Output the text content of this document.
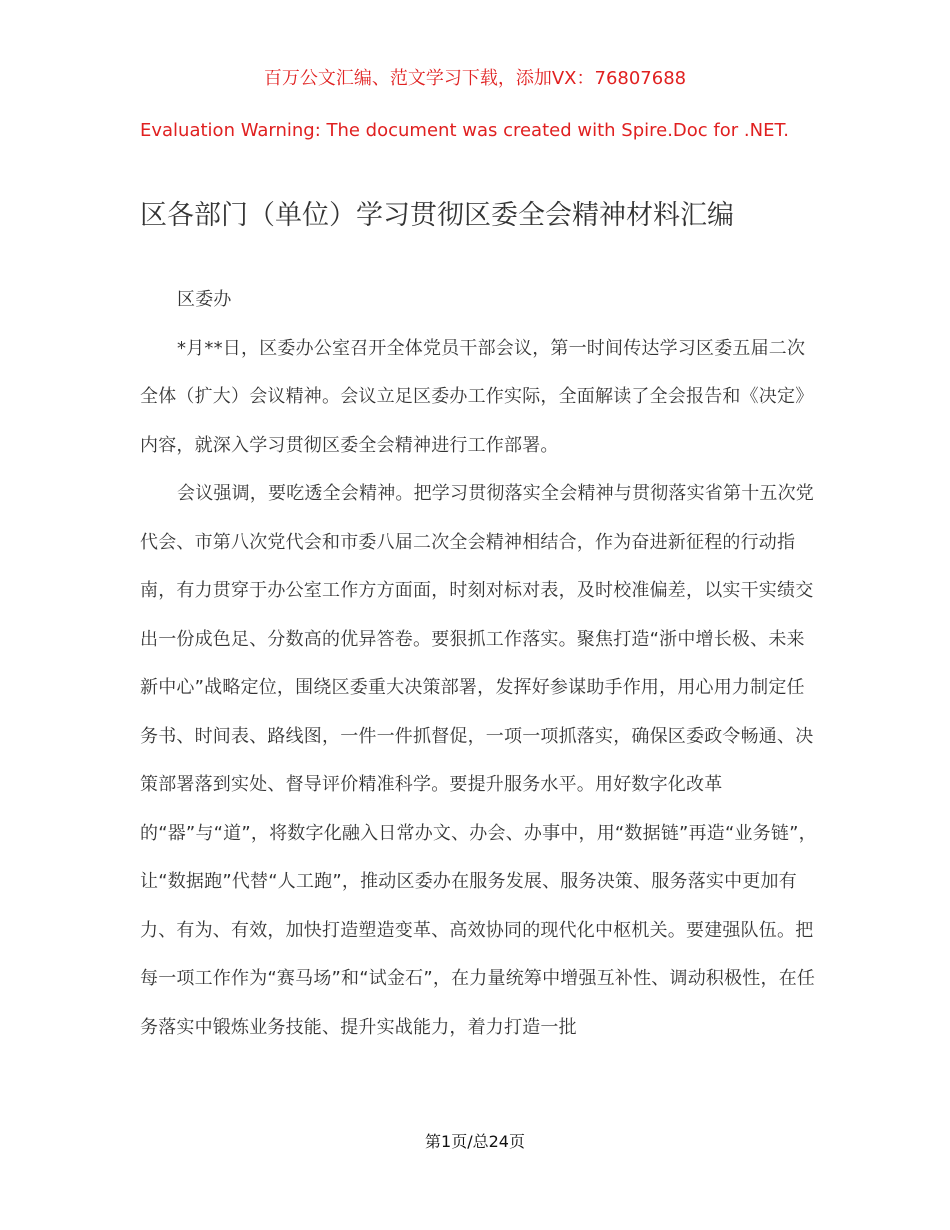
百万公文汇编、范文学习下载，添加VX：76807688
Evaluation Warning: The document was created with Spire.Doc for .NET.
区各部门（单位）学习贯彻区委全会精神材料汇编

区委办

*月**日，区委办公室召开全体党员干部会议，第一时间传达学习区委五届二次全体（扩大）会议精神。会议立足区委办工作实际，全面解读了全会报告和《决定》内容，就深入学习贯彻区委全会精神进行工作部署。

会议强调，要吃透全会精神。把学习贯彻落实全会精神与贯彻落实省第十五次党代会、市第八次党代会和市委八届二次全会精神相结合，作为奋进新征程的行动指南，有力贯穿于办公室工作方方面面，时刻对标对表，及时校准偏差，以实干实绩交出一份成色足、分数高的优异答卷。要狠抓工作落实。聚焦打造“浙中增长极、未来新中心”战略定位，围绕区委重大决策部署，发挥好参谋助手作用，用心用力制定任务书、时间表、路线图，一件一件抓督促，一项一项抓落实，确保区委政令畅通、决策部署落到实处、督导评价精准科学。要提升服务水平。用好数字化改革的“器”与“道”，将数字化融入日常办文、办会、办事中，用“数据链”再造“业务链”，让“数据跑”代替“人工跑”，推动区委办在服务发展、服务决策、服务落实中更加有力、有为、有效，加快打造塑造变革、高效协同的现代化中枢机关。要建强队伍。把每一项工作作为“赛马场”和“试金石”，在力量统筹中增强互补性、调动积极性，在任务落实中锻炼业务技能、提升实战能力，着力打造一批

第1页/总24页
